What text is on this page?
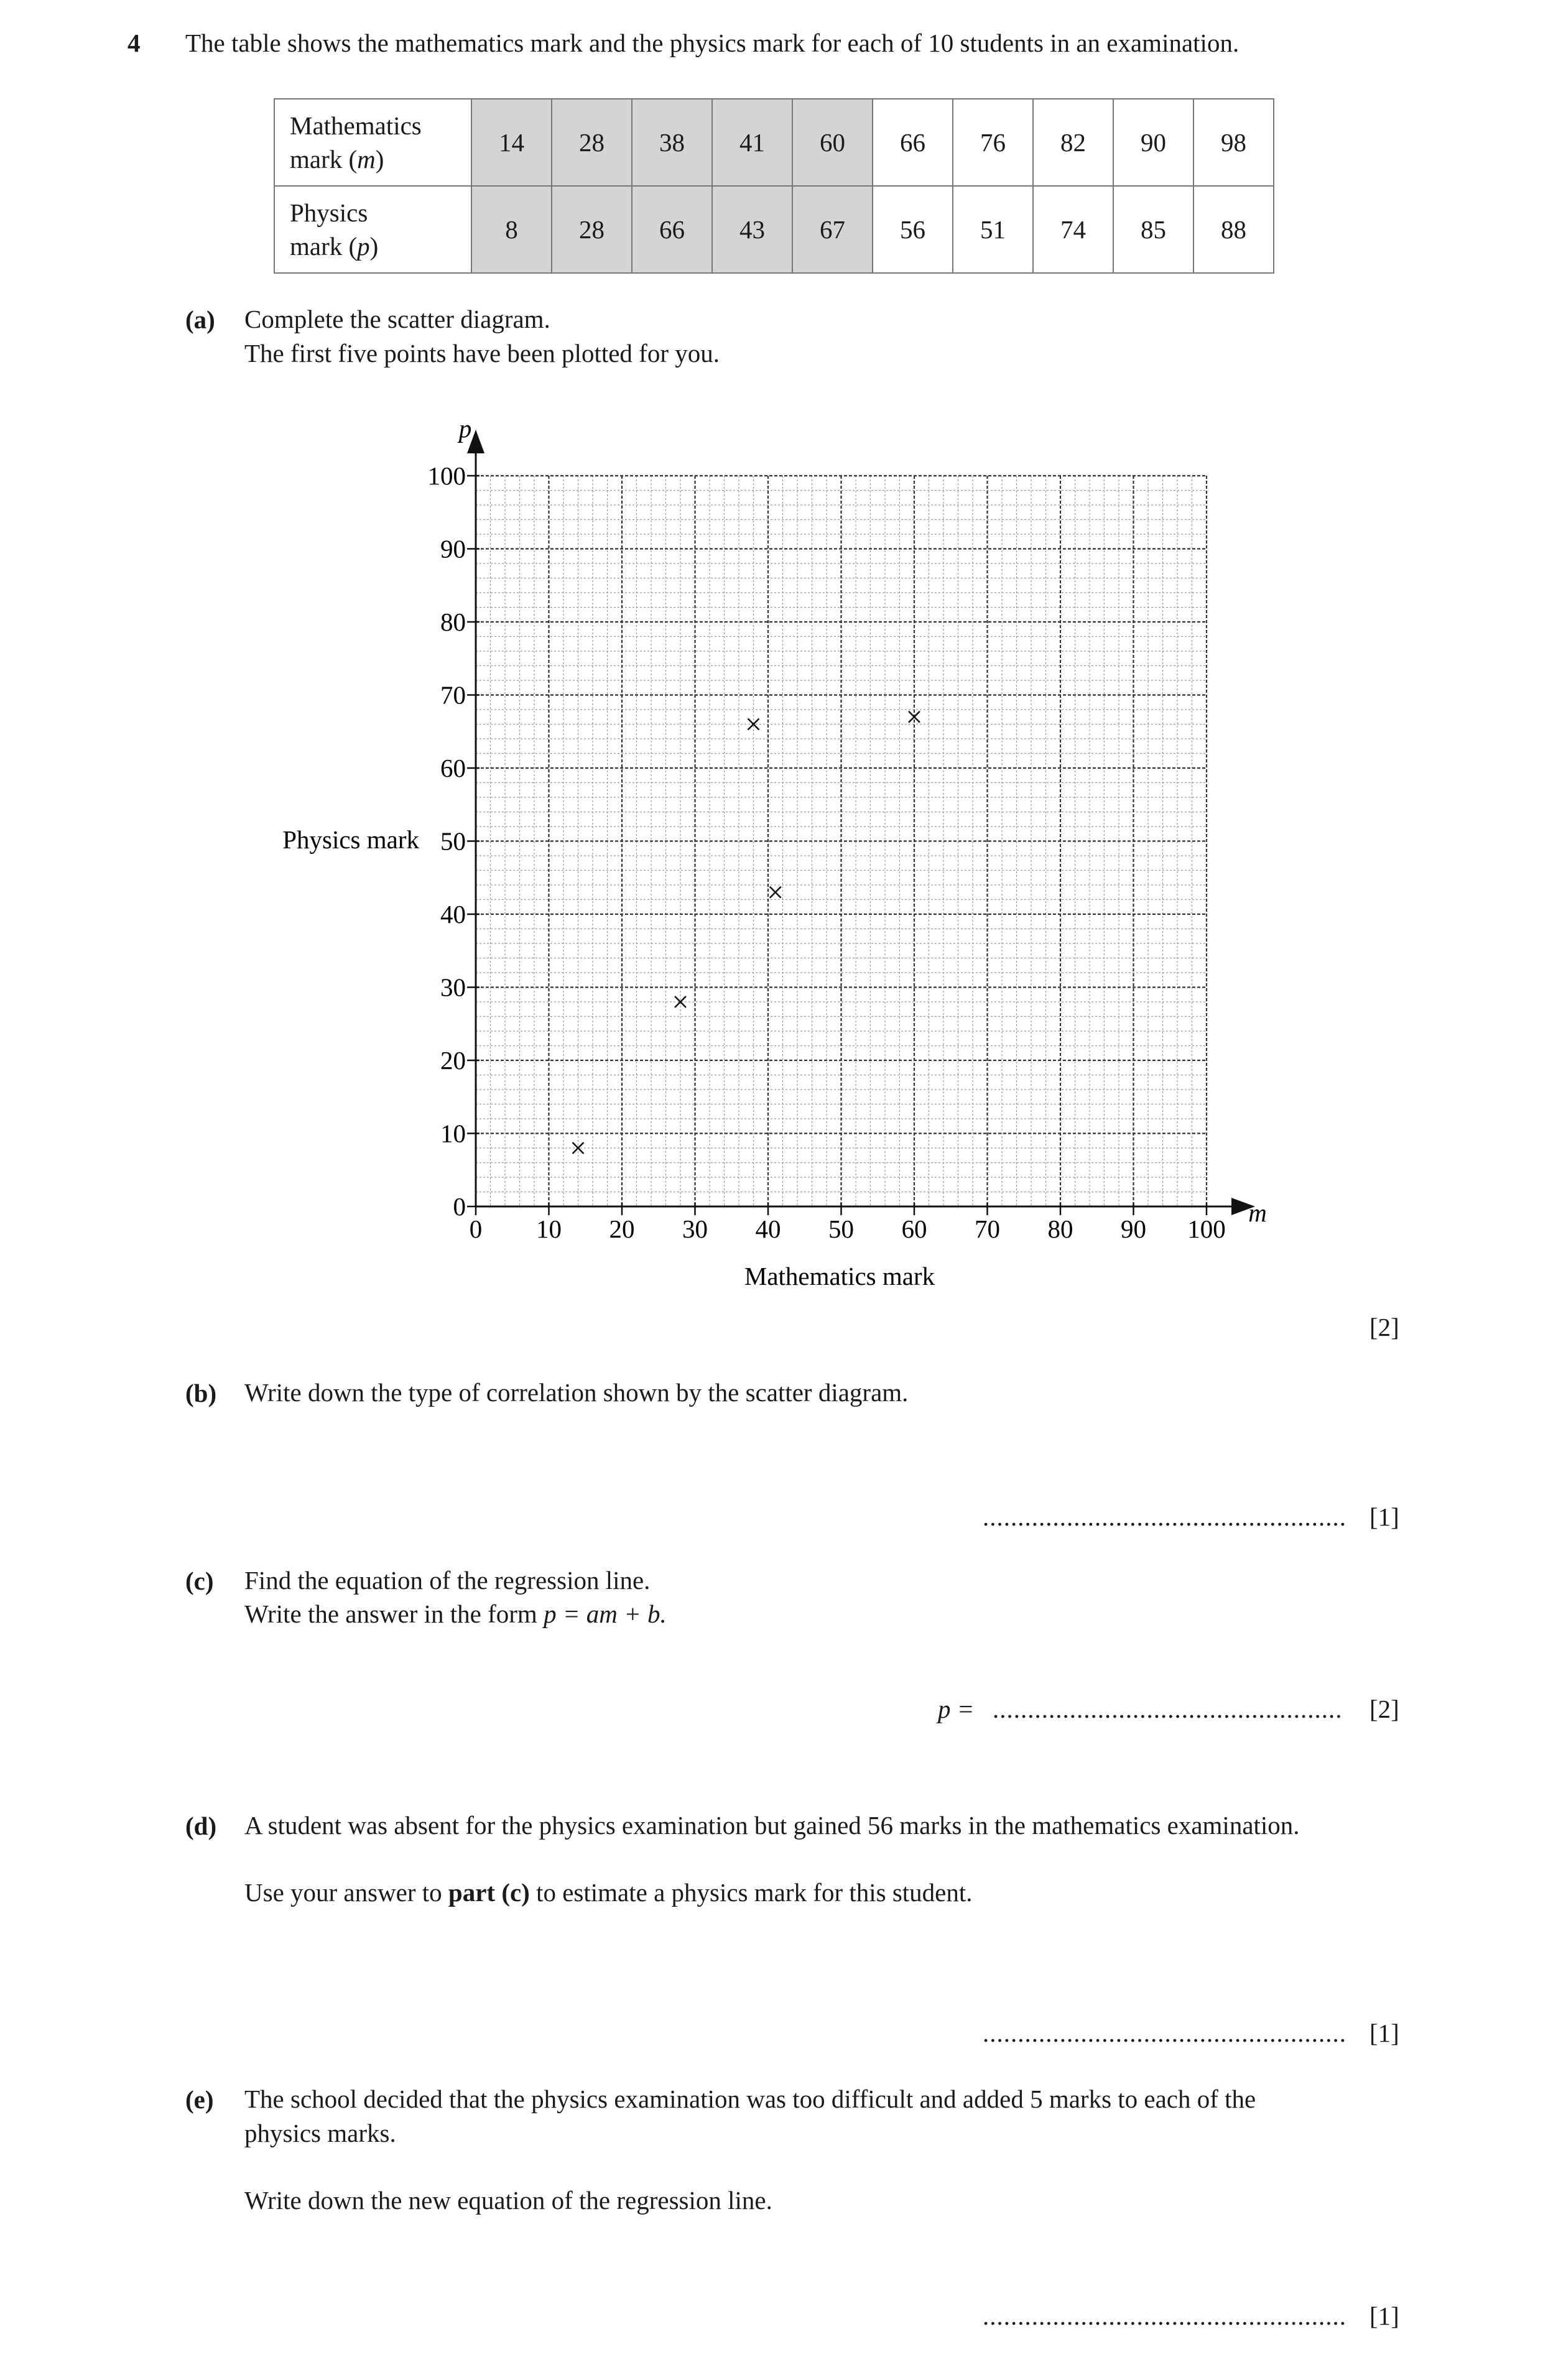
4 The table shows the mathematics mark and the physics mark for each of 10 students in an examination.
Mathematics
mark (m)	14	28	38	41	60	66	76	82	90	98

Physics
mark (p)	8	28	66	43	67	56	51	74	85	88
(a) Complete the scatter diagram.
The first five points have been plotted for you.
0
10
20
30
40
50
60
70
80
90
100
0 10 20 30 40 50 60 70 80 90 100
p
m
Physics mark
Mathematics mark
[2]
(b) Write down the type of correlation shown by the scatter diagram.
.................................................... [1]
(c) Find the equation of the regression line.
Write the answer in the form p = am + b.
p = .................................................. [2]
(d) A student was absent for the physics examination but gained 56 marks in the mathematics examination.
Use your answer to part (c) to estimate a physics mark for this student.
.................................................... [1]
(e) The school decided that the physics examination was too difficult and added 5 marks to each of the
physics marks.
Write down the new equation of the regression line.
.................................................... [1]
